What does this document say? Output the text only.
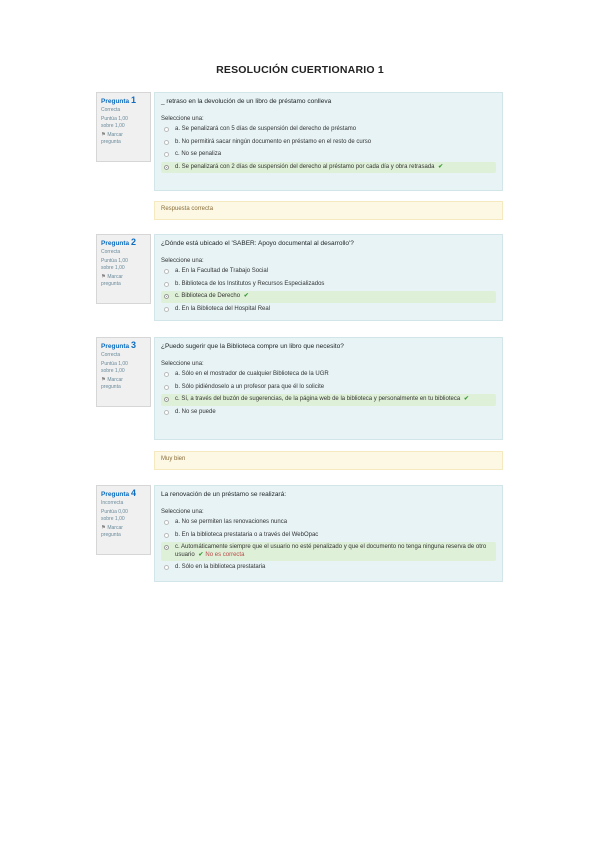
RESOLUCIÓN CUERTIONARIO 1
Pregunta 1
Correcta
Puntúa 1,00
sobre 1,00
⚑ Marcar
pregunta
_ retraso en la devolución de un libro de préstamo conlleva
Seleccione una:
a. Se penalizará con 5 días de suspensión del derecho de préstamo
b. No permitirá sacar ningún documento en préstamo en el resto de curso
c. No se penaliza
d. Se penalizará con 2 días de suspensión del derecho al préstamo por cada día y obra retrasada ✔
Respuesta correcta
Pregunta 2
Correcta
Puntúa 1,00
sobre 1,00
⚑ Marcar
pregunta
¿Dónde está ubicado el 'SABER: Apoyo documental al desarrollo'?
Seleccione una:
a. En la Facultad de Trabajo Social
b. Biblioteca de los Institutos y Recursos Especializados
c. Biblioteca de Derecho ✔
d. En la Biblioteca del Hospital Real
Pregunta 3
Correcta
Puntúa 1,00
sobre 1,00
⚑ Marcar
pregunta
¿Puedo sugerir que la Biblioteca compre un libro que necesito?
Seleccione una:
a. Sólo en el mostrador de cualquier Biblioteca de la UGR
b. Sólo pidiéndoselo a un profesor para que él lo solicite
c. Sí, a través del buzón de sugerencias, de la página web de la biblioteca y personalmente en tu biblioteca ✔
d. No se puede
Muy bien
Pregunta 4
Incorrecta
Puntúa 0,00
sobre 1,00
⚑ Marcar
pregunta
La renovación de un préstamo se realizará:
Seleccione una:
a. No se permiten las renovaciones nunca
b. En la biblioteca prestataria o a través del WebOpac
c. Automáticamente siempre que el usuario no esté penalizado y que el documento no tenga ninguna reserva de otro usuario ✔ No es correcta
d. Sólo en la biblioteca prestataria
